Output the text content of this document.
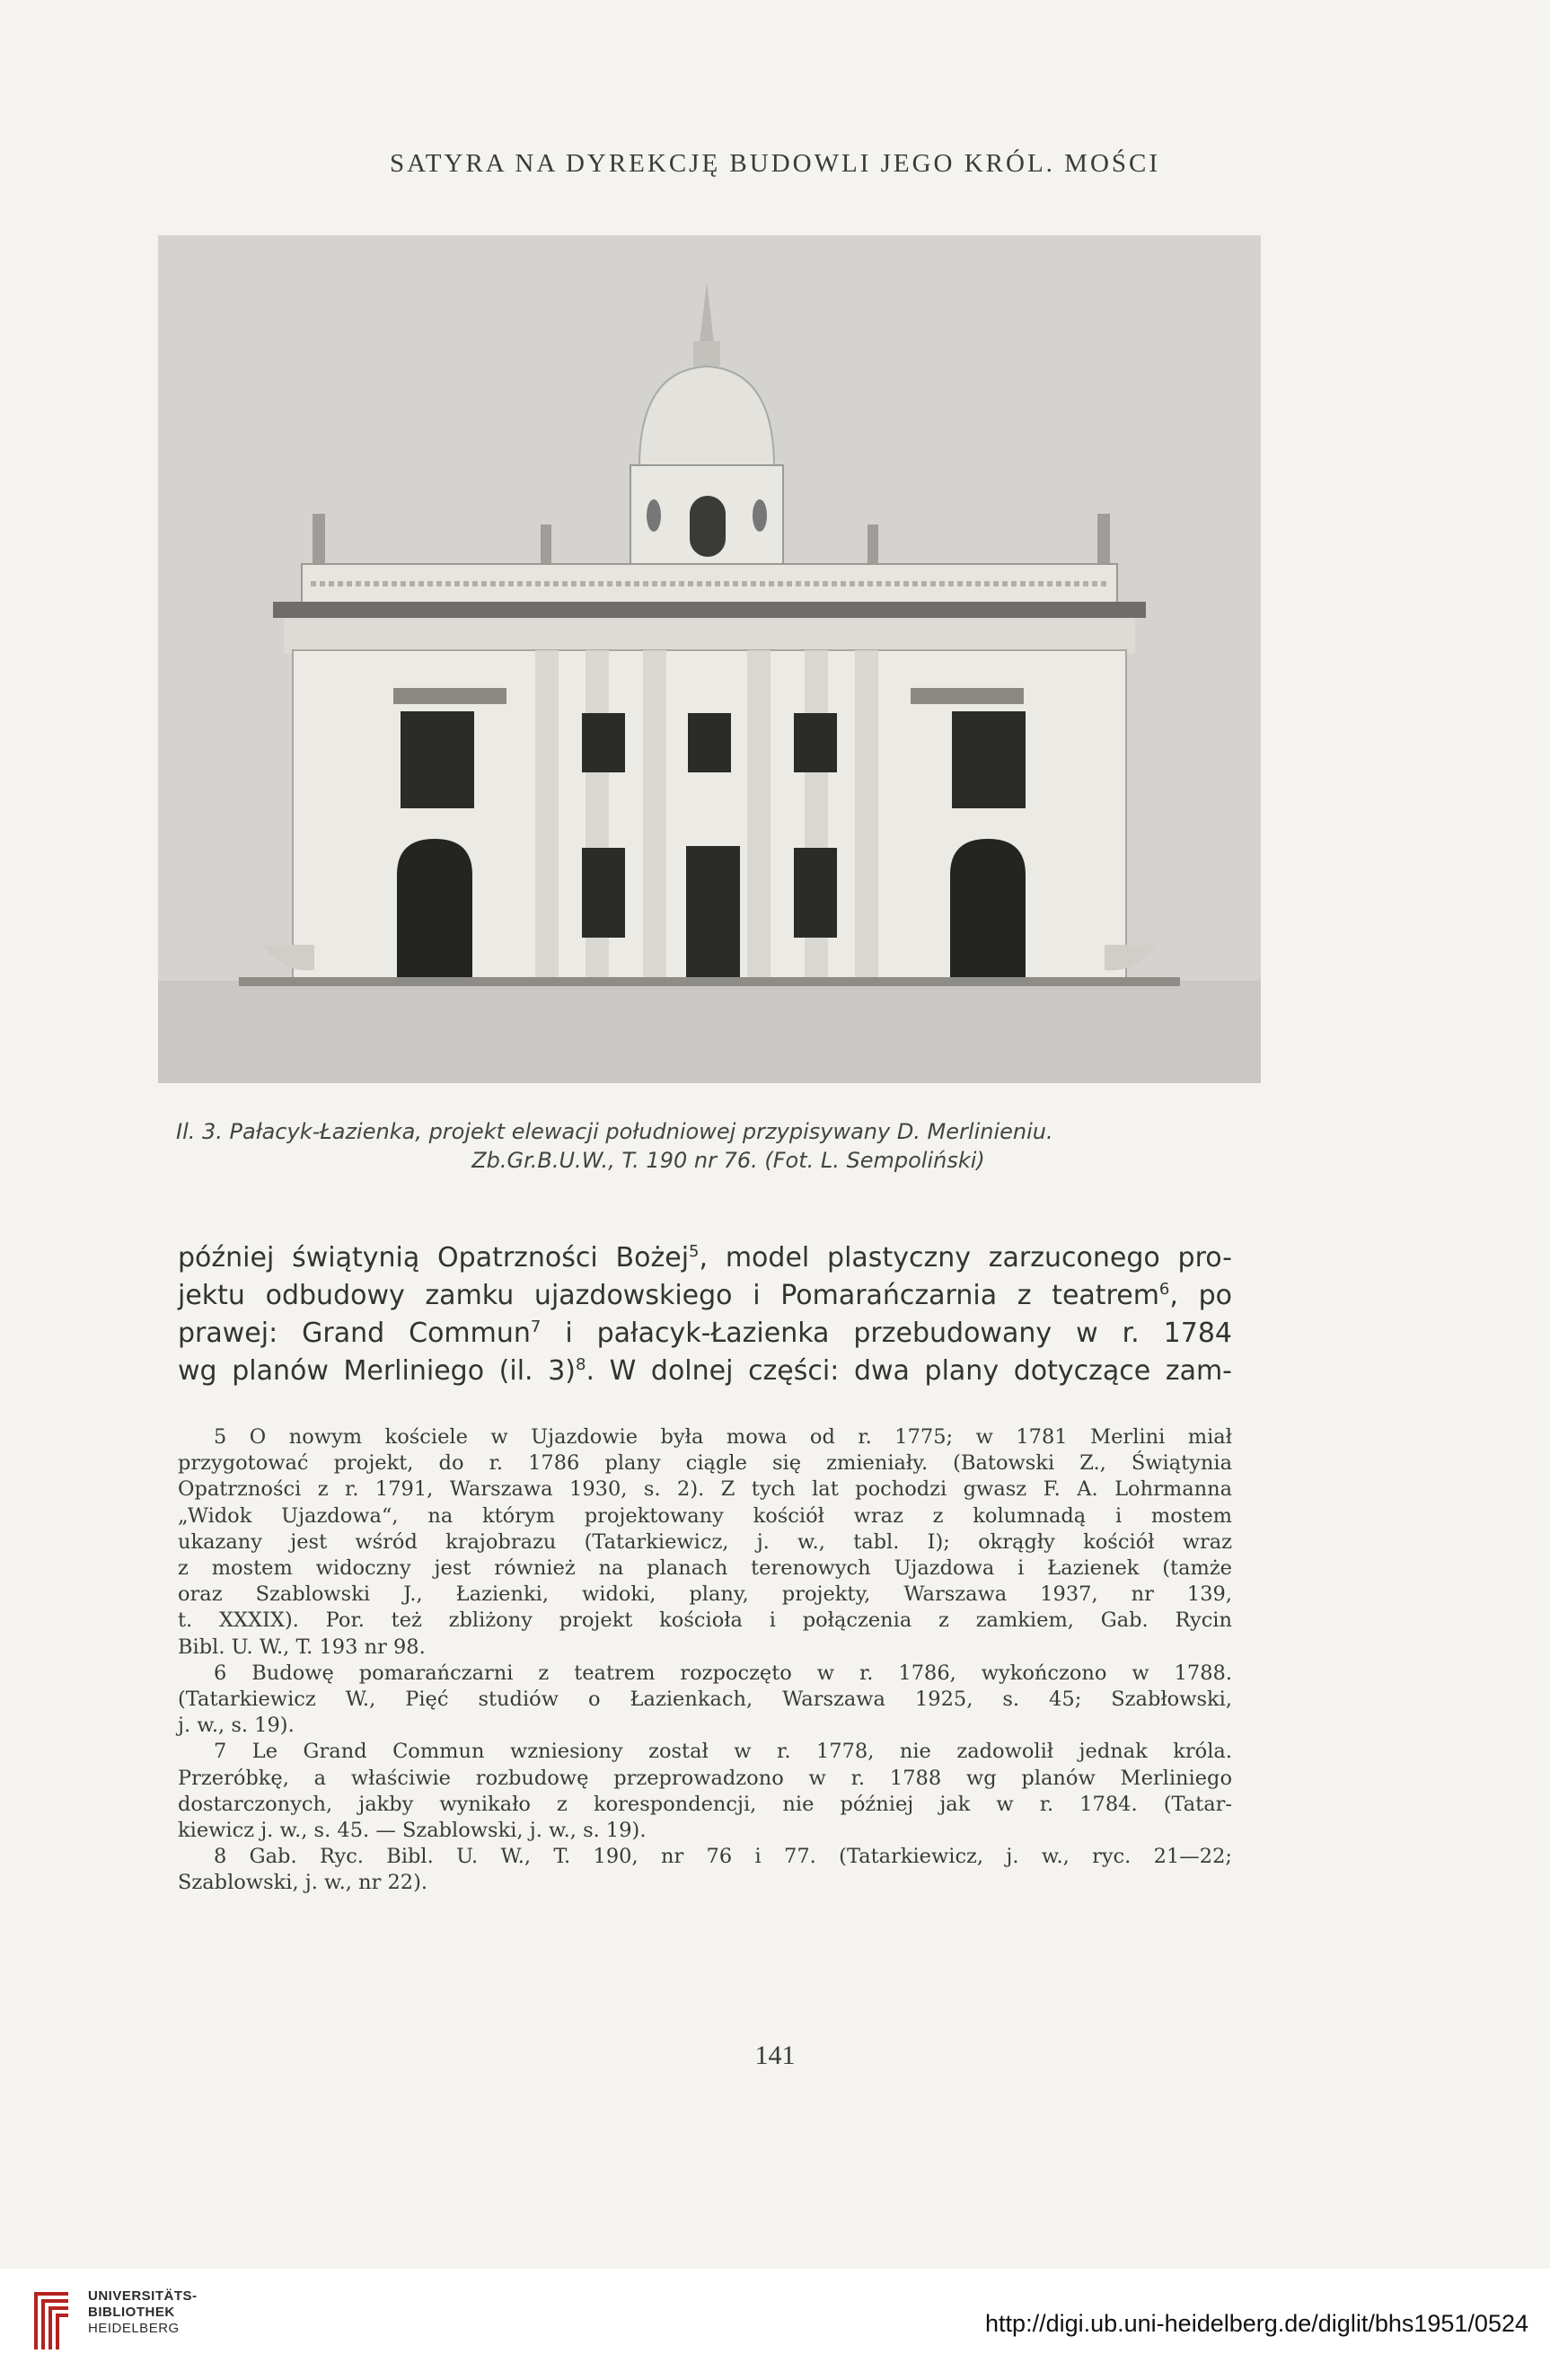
SATYRA NA DYREKCJĘ BUDOWLI JEGO KRÓL. MOŚCI
Il. 3. Pałacyk-Łazienka, projekt elewacji południowej przypisywany D. Merlinieniu.
Zb.Gr.B.U.W., T. 190 nr 76. (Fot. L. Sempoliński)
później świątynią Opatrzności Bożej$^5$, model plastyczny zarzuconego pro-
jektu odbudowy zamku ujazdowskiego i Pomarańczarnia z teatrem$^6$, po
prawej: Grand Commun$^7$ i pałacyk-Łazienka przebudowany w r. 1784
wg planów Merliniego (il. 3)$^8$. W dolnej części: dwa plany dotyczące zam-
5 O nowym kościele w Ujazdowie była mowa od r. 1775; w 1781 Merlini miał
przygotować projekt, do r. 1786 plany ciągle się zmieniały. (Batowski Z., Świątynia
Opatrzności z r. 1791, Warszawa 1930, s. 2). Z tych lat pochodzi gwasz F. A. Lohrmanna
„Widok Ujazdowa“, na którym projektowany kościół wraz z kolumnadą i mostem
ukazany jest wśród krajobrazu (Tatarkiewicz, j. w., tabl. I); okrągły kościół wraz
z mostem widoczny jest również na planach terenowych Ujazdowa i Łazienek (tamże
oraz Szablowski J., Łazienki, widoki, plany, projekty, Warszawa 1937, nr 139,
t. XXXIX). Por. też zbliżony projekt kościoła i połączenia z zamkiem, Gab. Rycin
Bibl. U. W., T. 193 nr 98.
6 Budowę pomarańczarni z teatrem rozpoczęto w r. 1786, wykończono w 1788.
(Tatarkiewicz W., Pięć studiów o Łazienkach, Warszawa 1925, s. 45; Szabłowski,
j. w., s. 19).
7 Le Grand Commun wzniesiony został w r. 1778, nie zadowolił jednak króla.
Przeróbkę, a właściwie rozbudowę przeprowadzono w r. 1788 wg planów Merliniego
dostarczonych, jakby wynikało z korespondencji, nie później jak w r. 1784. (Tatar-
kiewicz j. w., s. 45. — Szablowski, j. w., s. 19).
8 Gab. Ryc. Bibl. U. W., T. 190, nr 76 i 77. (Tatarkiewicz, j. w., ryc. 21—22;
Szablowski, j. w., nr 22).
141
UNIVERSITÄTS-
BIBLIOTHEK
HEIDELBERG	http://digi.ub.uni-heidelberg.de/diglit/bhs1951/0524
